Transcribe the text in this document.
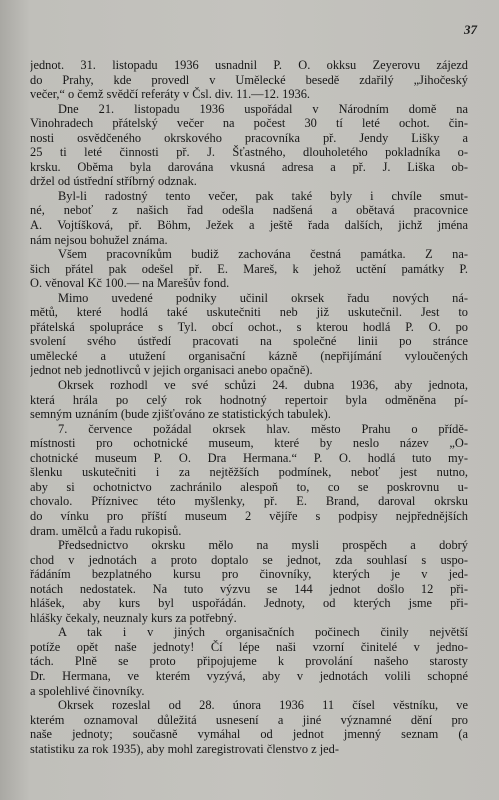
37
jednot. 31. listopadu 1936 usnadnil P. O. okksu Zeyerovu zájezd
do Prahy, kde provedl v Umělecké besedě zdařilý „Jihočeský
večer,“ o čemž svědčí referáty v Čsl. div. 11.—12. 1936.
Dne 21. listopadu 1936 uspořádal v Národním domě na
Vinohradech přátelský večer na počest 30 tí leté ochot. čin-
nosti osvědčeného okrskového pracovníka př. Jendy Lišky a
25 ti leté činnosti př. J. Šťastného, dlouholetého pokladníka o-
krsku. Oběma byla darována vkusná adresa a př. J. Liška ob-
držel od ústřední stříbrný odznak.
Byl-li radostný tento večer, pak také byly i chvíle smut-
né, neboť z našich řad odešla nadšená a obětavá pracovnice
A. Vojtíšková, př. Böhm, Ježek a ještě řada dalších, jichž jména
nám nejsou bohužel známa.
Všem pracovníkům budiž zachována čestná památka. Z na-
šich přátel pak odešel př. E. Mareš, k jehož uctění památky P.
O. věnoval Kč 100.— na Marešův fond.
Mimo uvedené podniky učinil okrsek řadu nových ná-
mětů, které hodlá také uskutečniti neb již uskutečnil. Jest to
přátelská spolupráce s Tyl. obcí ochot., s kterou hodlá P. O. po
svolení svého ústředí pracovati na společné linii po stránce
umělecké a utužení organisační kázně (nepřijímání vyloučených
jednot neb jednotlivců v jejich organisaci anebo opačně).
Okrsek rozhodl ve své schůzi 24. dubna 1936, aby jednota,
která hrála po celý rok hodnotný repertoir byla odměněna pí-
semným uznáním (bude zjišťováno ze statistických tabulek).
7. července požádal okrsek hlav. město Prahu o přídě-
místnosti pro ochotnické museum, které by neslo název „O-
chotnické museum P. O. Dra Hermana.“ P. O. hodlá tuto my-
šlenku uskutečniti i za nejtěžších podmínek, neboť jest nutno,
aby si ochotnictvo zachránilo alespoň to, co se poskrovnu u-
chovalo. Příznivec této myšlenky, př. E. Brand, daroval okrsku
do vínku pro příští museum 2 vějíře s podpisy nejpřednějších
dram. umělců a řadu rukopisů.
Předsednictvo okrsku mělo na mysli prospěch a dobrý
chod v jednotách a proto doptalo se jednot, zda souhlasí s uspo-
řádáním bezplatného kursu pro činovníky, kterých je v jed-
notách nedostatek. Na tuto výzvu se 144 jednot došlo 12 při-
hlášek, aby kurs byl uspořádán. Jednoty, od kterých jsme při-
hlášky čekaly, neuznaly kurs za potřebný.
A tak i v jiných organisačních počinech činily největší
potíže opět naše jednoty! Čí lépe naši vzorní činitelé v jedno-
tách. Plně se proto připojujeme k provolání našeho starosty
Dr. Hermana, ve kterém vyzývá, aby v jednotách volili schopné
a spolehlivé činovníky.
Okrsek rozeslal od 28. února 1936 11 čísel věstníku, ve
kterém oznamoval důležitá usnesení a jiné významné dění pro
naše jednoty; současně vymáhal od jednot jmenný seznam (a
statistiku za rok 1935), aby mohl zaregistrovati členstvo z jed-
